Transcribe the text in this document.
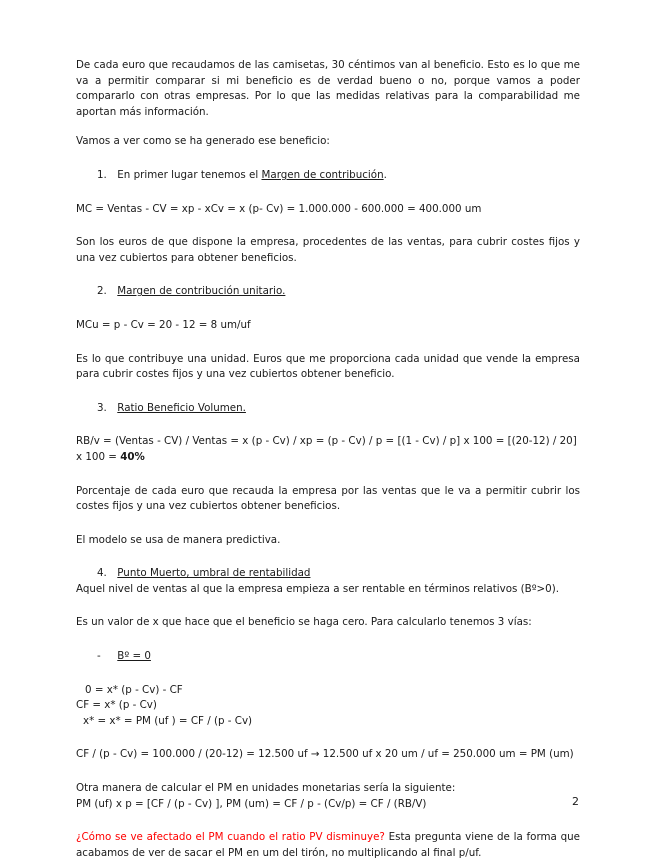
De cada euro que recaudamos de las camisetas, 30 céntimos van al beneficio. Esto es lo que me va a permitir comparar si mi beneficio es de verdad bueno o no, porque vamos a poder compararlo con otras empresas. Por lo que las medidas relativas para la comparabilidad me aportan más información.

Vamos a ver como se ha generado ese beneficio:

1. En primer lugar tenemos el Margen de contribución.

MC = Ventas - CV = xp - xCv = x (p- Cv) = 1.000.000 - 600.000 = 400.000 um

Son los euros de que dispone la empresa, procedentes de las ventas, para cubrir costes fijos y una vez cubiertos para obtener beneficios.

2. Margen de contribución unitario.

MCu = p - Cv = 20 - 12 = 8 um/uf

Es lo que contribuye una unidad. Euros que me proporciona cada unidad que vende la empresa para cubrir costes fijos y una vez cubiertos obtener beneficio.

3. Ratio Beneficio Volumen.

RB/v = (Ventas - CV) / Ventas = x (p - Cv) / xp = (p - Cv) / p = [(1 - Cv) / p] x 100 = [(20-12) / 20] x 100 = 40%

Porcentaje de cada euro que recauda la empresa por las ventas que le va a permitir cubrir los costes fijos y una vez cubiertos obtener beneficios.

El modelo se usa de manera predictiva.

4. Punto Muerto, umbral de rentabilidad

Aquel nivel de ventas al que la empresa empieza a ser rentable en términos relativos (Bº>0).

Es un valor de x que hace que el beneficio se haga cero. Para calcularlo tenemos 3 vías:

- Bº = 0

0 = x* (p - Cv) - CF

CF = x* (p - Cv)

x* = x* = PM (uf ) = CF / (p - Cv)

CF / (p - Cv) = 100.000 / (20-12) = 12.500 uf → 12.500 uf x 20 um / uf = 250.000 um = PM (um)

Otra manera de calcular el PM en unidades monetarias sería la siguiente:

PM (uf) x p = [CF / (p - Cv) ], PM (um) = CF / p - (Cv/p) = CF / (RB/V)

¿Cómo se ve afectado el PM cuando el ratio PV disminuye? Esta pregunta viene de la forma que acabamos de ver de sacar el PM en um del tirón, no multiplicando al final p/uf.

2
